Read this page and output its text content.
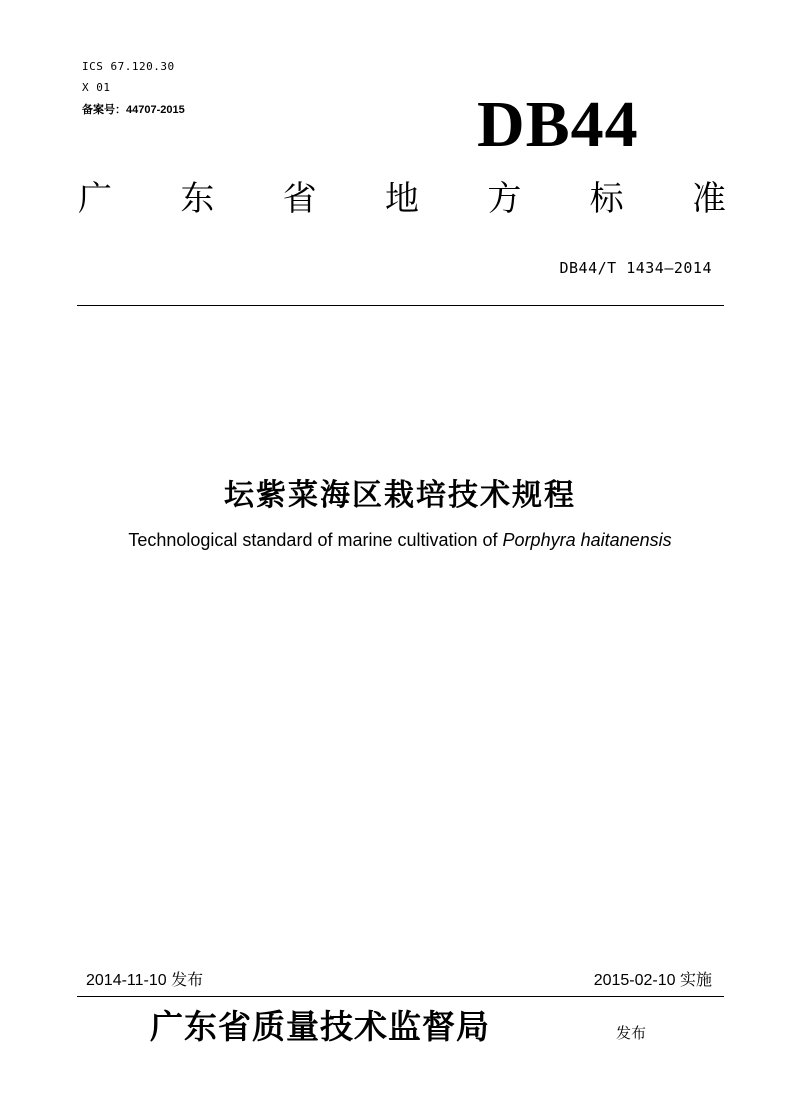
ICS 67.120.30
X 01
备案号：44707-2015	DB44
广 东 省 地 方 标 准
DB44/T 1434—2014
坛紫菜海区栽培技术规程
Technological standard of marine cultivation of Porphyra haitanensis
2014-11-10 发布	2015-02-10 实施
广东省质量技术监督局	发布
